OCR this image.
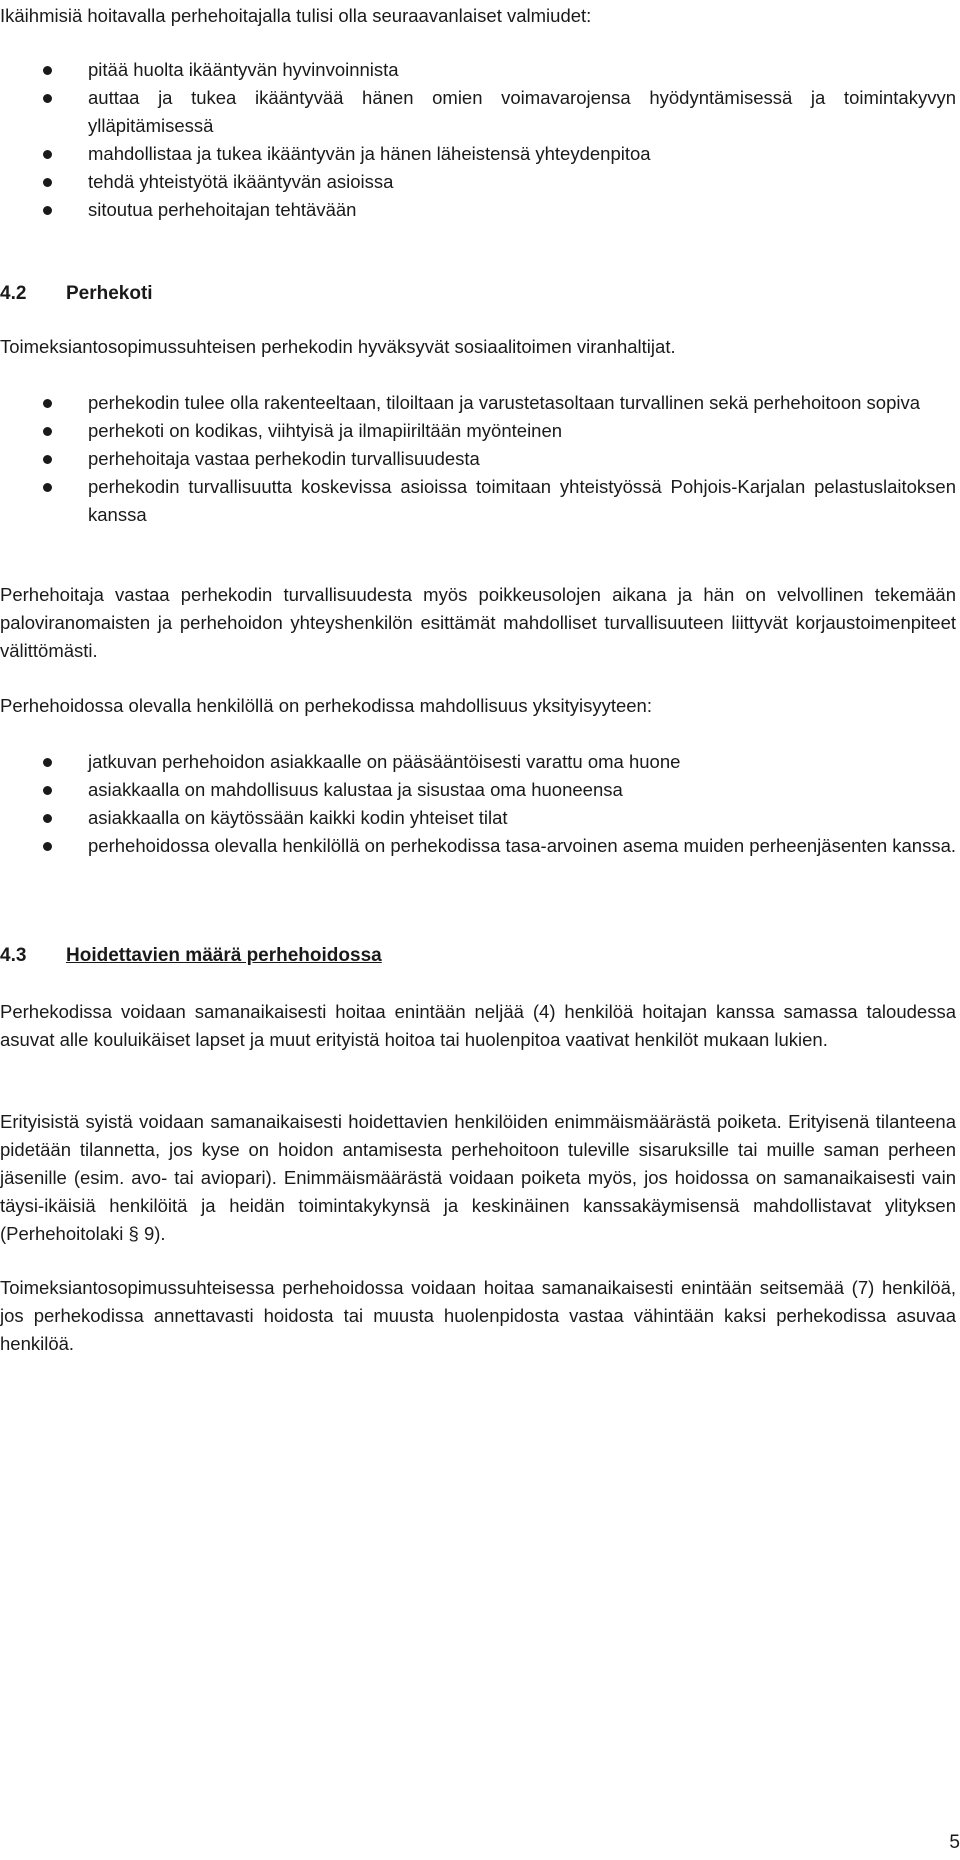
Ikäihmisiä hoitavalla perhehoitajalla tulisi olla seuraavanlaiset valmiudet:

pitää huolta ikääntyvän hyvinvoinnista
auttaa ja tukea ikääntyvää hänen omien voimavarojensa hyödyntämisessä ja toimintakyvyn ylläpitämisessä
mahdollistaa ja tukea ikääntyvän ja hänen läheistensä yhteydenpitoa
tehdä yhteistyötä ikääntyvän asioissa
sitoutua perhehoitajan tehtävään
4.2 Perhekoti

Toimeksiantosopimussuhteisen perhekodin hyväksyvät sosiaalitoimen viranhaltijat.

perhekodin tulee olla rakenteeltaan, tiloiltaan ja varustetasoltaan turvallinen sekä perhehoitoon sopiva
perhekoti on kodikas, viihtyisä ja ilmapiiriltään myönteinen
perhehoitaja vastaa perhekodin turvallisuudesta
perhekodin turvallisuutta koskevissa asioissa toimitaan yhteistyössä Pohjois-Karjalan pelastuslaitoksen kanssa

Perhehoitaja vastaa perhekodin turvallisuudesta myös poikkeusolojen aikana ja hän on velvollinen tekemään paloviranomaisten ja perhehoidon yhteyshenkilön esittämät mahdolliset turvallisuuteen liittyvät korjaustoimenpiteet välittömästi.

Perhehoidossa olevalla henkilöllä on perhekodissa mahdollisuus yksityisyyteen:

jatkuvan perhehoidon asiakkaalle on pääsääntöisesti varattu oma huone
asiakkaalla on mahdollisuus kalustaa ja sisustaa oma huoneensa
asiakkaalla on käytössään kaikki kodin yhteiset tilat
perhehoidossa olevalla henkilöllä on perhekodissa tasa-arvoinen asema muiden perheenjäsenten kanssa.
4.3 Hoidettavien määrä perhehoidossa

Perhekodissa voidaan samanaikaisesti hoitaa enintään neljää (4) henkilöä hoitajan kanssa samassa taloudessa asuvat alle kouluikäiset lapset ja muut erityistä hoitoa tai huolenpitoa vaativat henkilöt mukaan lukien.

Erityisistä syistä voidaan samanaikaisesti hoidettavien henkilöiden enimmäismäärästä poiketa. Erityisenä tilanteena pidetään tilannetta, jos kyse on hoidon antamisesta perhehoitoon tuleville sisaruksille tai muille saman perheen jäsenille (esim. avo- tai aviopari). Enimmäismäärästä voidaan poiketa myös, jos hoidossa on samanaikaisesti vain täysi-ikäisiä henkilöitä ja heidän toimintakykynsä ja keskinäinen kanssakäymisensä mahdollistavat ylityksen (Perhehoitolaki § 9).

Toimeksiantosopimussuhteisessa perhehoidossa voidaan hoitaa samanaikaisesti enintään seitsemää (7) henkilöä, jos perhekodissa annettavasti hoidosta tai muusta huolenpidosta vastaa vähintään kaksi perhekodissa asuvaa henkilöä.

5
